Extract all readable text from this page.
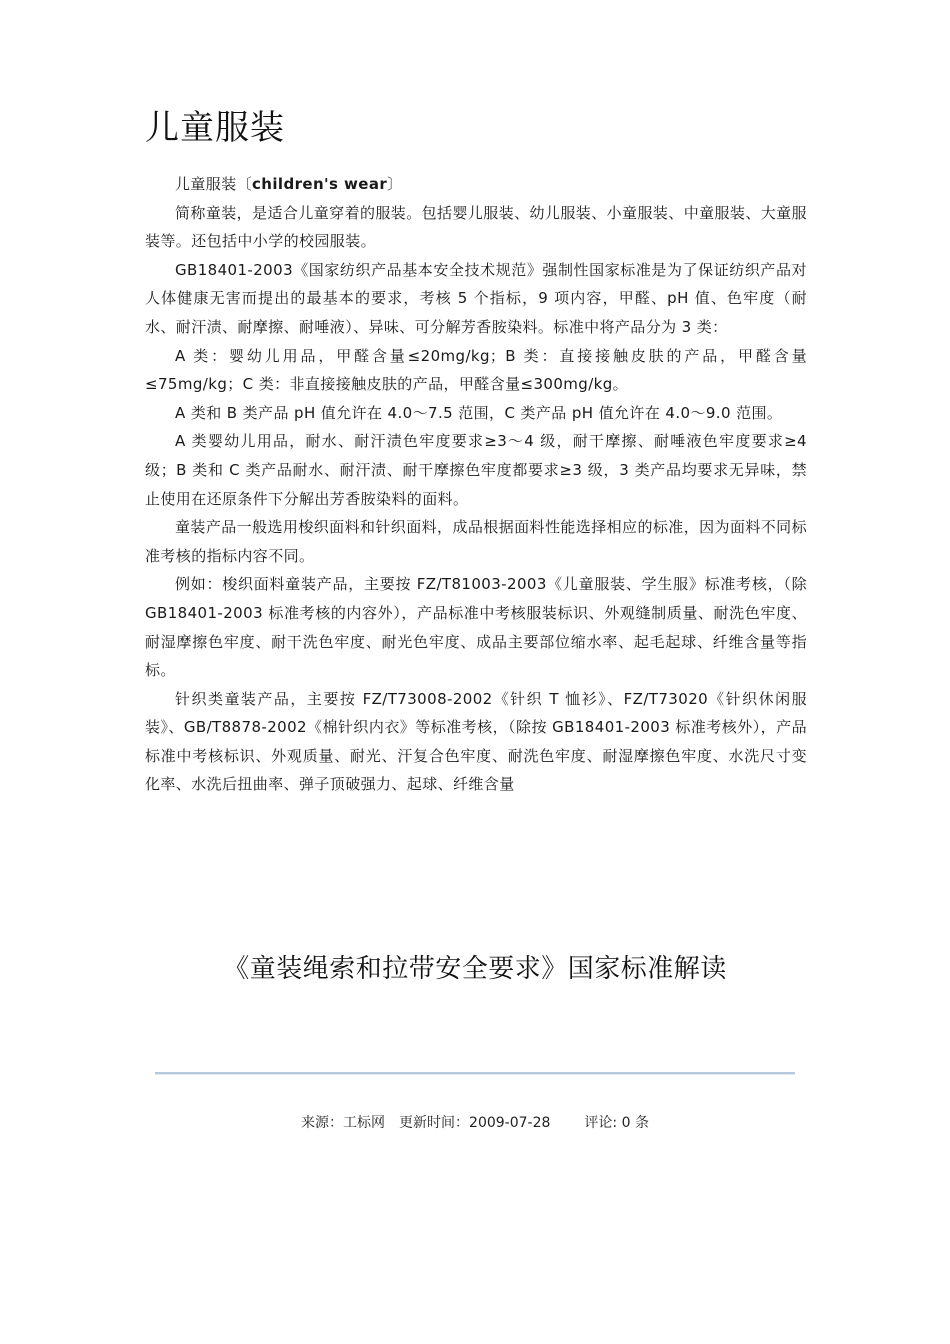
儿童服装

儿童服装〔children's wear〕

简称童装，是适合儿童穿着的服装。包括婴儿服装、幼儿服装、小童服装、中童服装、大童服装等。还包括中小学的校园服装。

GB18401-2003《国家纺织产品基本安全技术规范》强制性国家标准是为了保证纺织产品对人体健康无害而提出的最基本的要求，考核 5 个指标，9 项内容，甲醛、pH 值、色牢度（耐水、耐汗渍、耐摩擦、耐唾液）、异味、可分解芳香胺染料。标准中将产品分为 3 类：

A 类：婴幼儿用品，甲醛含量≤20mg/kg；B 类：直接接触皮肤的产品，甲醛含量≤75mg/kg；C 类：非直接接触皮肤的产品，甲醛含量≤300mg/kg。

A 类和 B 类产品 pH 值允许在 4.0～7.5 范围，C 类产品 pH 值允许在 4.0～9.0 范围。

A 类婴幼儿用品，耐水、耐汗渍色牢度要求≥3～4 级，耐干摩擦、耐唾液色牢度要求≥4 级；B 类和 C 类产品耐水、耐汗渍、耐干摩擦色牢度都要求≥3 级，3 类产品均要求无异味，禁止使用在还原条件下分解出芳香胺染料的面料。

童装产品一般选用梭织面料和针织面料，成品根据面料性能选择相应的标准，因为面料不同标准考核的指标内容不同。

例如：梭织面料童装产品，主要按 FZ/T81003-2003《儿童服装、学生服》标准考核，（除 GB18401-2003 标准考核的内容外），产品标准中考核服装标识、外观缝制质量、耐洗色牢度、耐湿摩擦色牢度、耐干洗色牢度、耐光色牢度、成品主要部位缩水率、起毛起球、纤维含量等指标。

针织类童装产品，主要按 FZ/T73008-2002《针织 T 恤衫》、FZ/T73020《针织休闲服装》、GB/T8878-2002《棉针织内衣》等标准考核，（除按 GB18401-2003 标准考核外），产品标准中考核标识、外观质量、耐光、汗复合色牢度、耐洗色牢度、耐湿摩擦色牢度、水洗尺寸变化率、水洗后扭曲率、弹子顶破强力、起球、纤维含量

《童装绳索和拉带安全要求》国家标准解读
来源：工标网 更新时间：2009-07-28 评论: 0 条
